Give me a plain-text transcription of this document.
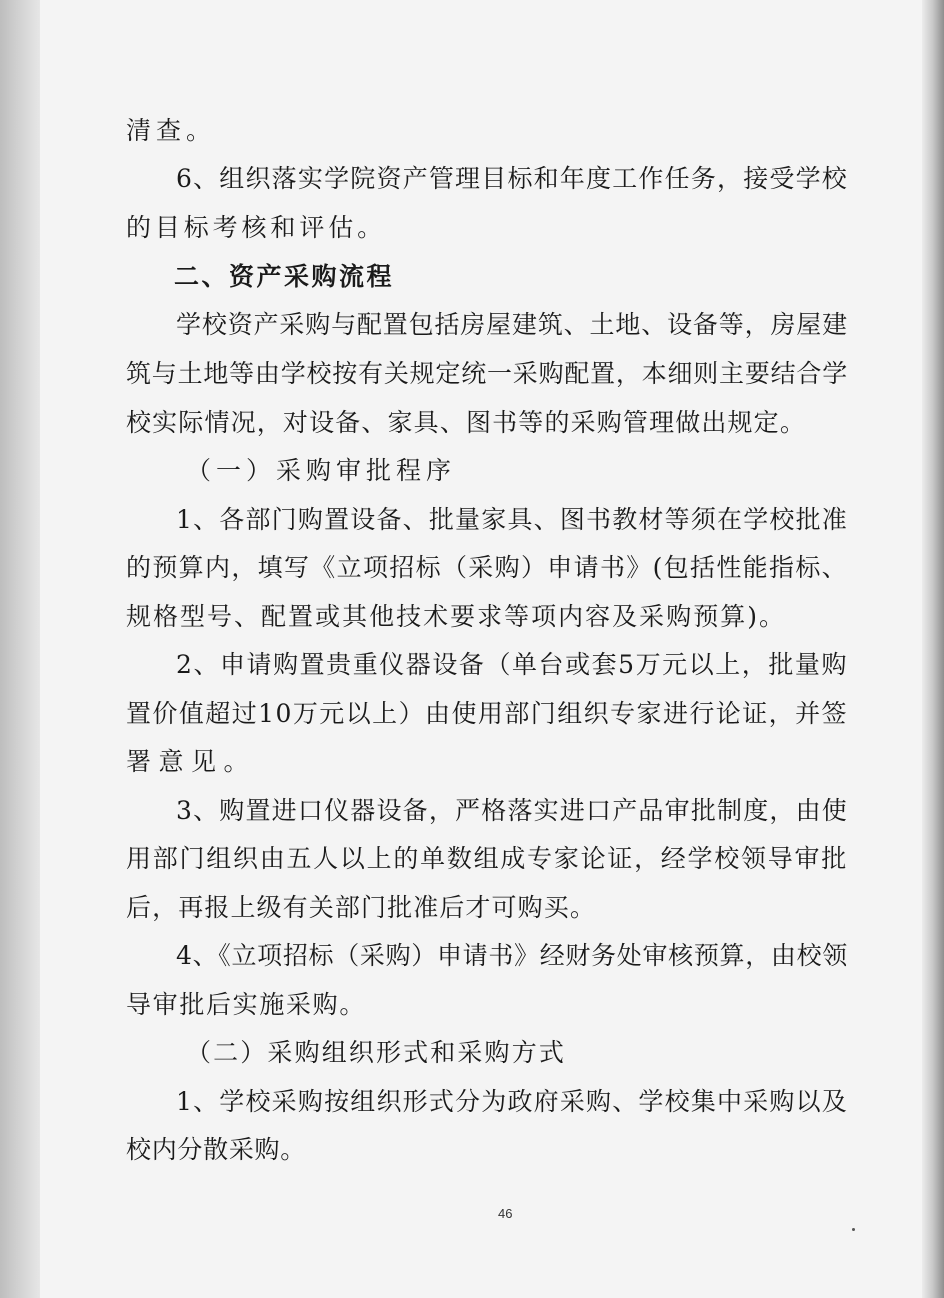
清查。
6、组织落实学院资产管理目标和年度工作任务，接受学校
的目标考核和评估。
二、资产采购流程
学校资产采购与配置包括房屋建筑、土地、设备等，房屋建
筑与土地等由学校按有关规定统一采购配置，本细则主要结合学
校实际情况，对设备、家具、图书等的采购管理做出规定。
（一）采购审批程序
1、各部门购置设备、批量家具、图书教材等须在学校批准
的预算内，填写《立项招标（采购）申请书》(包括性能指标、
规格型号、配置或其他技术要求等项内容及采购预算)。
2、申请购置贵重仪器设备（单台或套5万元以上，批量购
置价值超过10万元以上）由使用部门组织专家进行论证，并签
署意见。
3、购置进口仪器设备，严格落实进口产品审批制度，由使
用部门组织由五人以上的单数组成专家论证，经学校领导审批
后，再报上级有关部门批准后才可购买。
4、《立项招标（采购）申请书》经财务处审核预算，由校领
导审批后实施采购。
（二）采购组织形式和采购方式
1、学校采购按组织形式分为政府采购、学校集中采购以及
校内分散采购。
46
